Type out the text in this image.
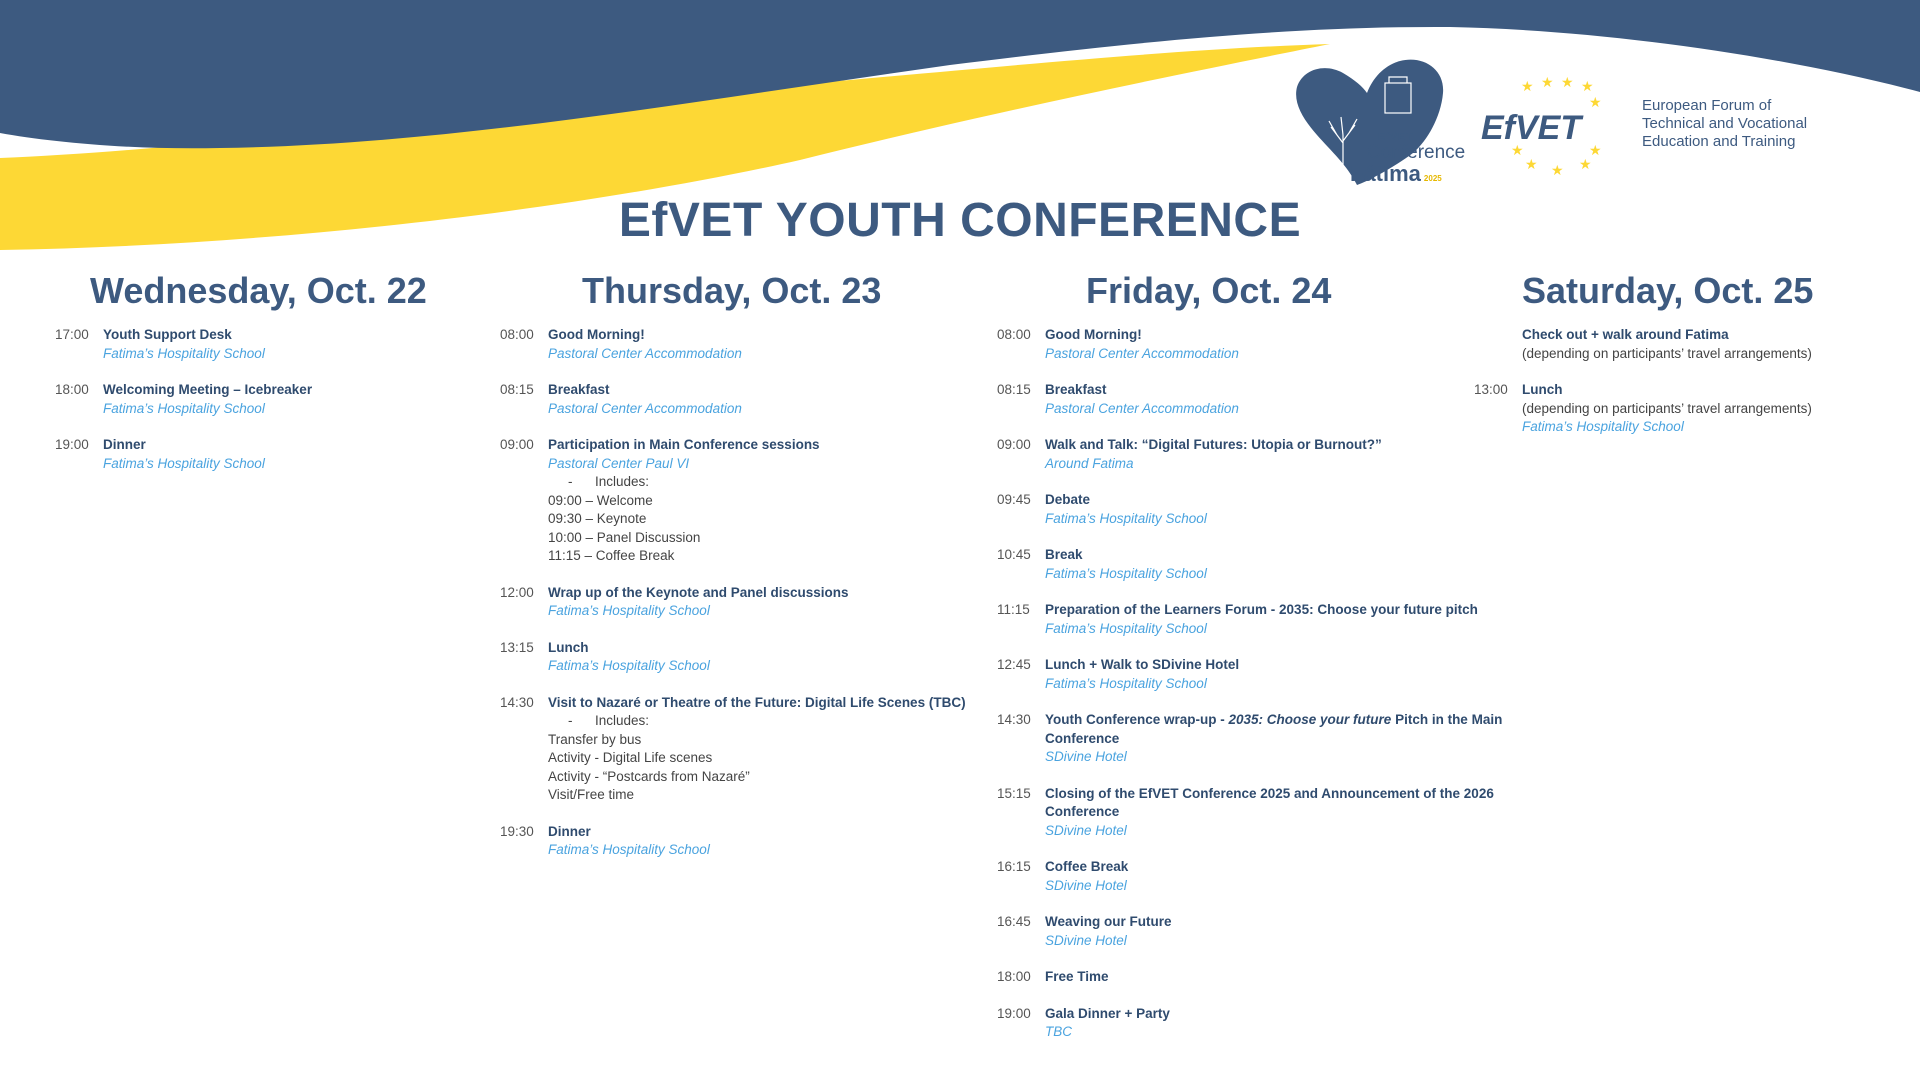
EfVET
Conference
Fátima 2025
★ ★
★	★
★
★
★
★
★
★
EfVET
European Forum of
Technical and Vocational
Education and Training
EfVET YOUTH CONFERENCE
Wednesday, Oct. 22	Thursday, Oct. 23	Friday, Oct. 24	Saturday, Oct. 25
17:00	Youth Support Desk
Fatima’s Hospitality School
18:00	Welcoming Meeting – Icebreaker
Fatima’s Hospitality School
19:00	Dinner
Fatima’s Hospitality School
08:00	Good Morning!
Pastoral Center Accommodation
08:15	Breakfast
Pastoral Center Accommodation
09:00	Participation in Main Conference sessions
Pastoral Center Paul VI
-      Includes:
09:00 – Welcome
09:30 – Keynote
10:00 – Panel Discussion
11:15 – Coffee Break
12:00	Wrap up of the Keynote and Panel discussions
Fatima’s Hospitality School
13:15	Lunch
Fatima’s Hospitality School
14:30	Visit to Nazaré or Theatre of the Future: Digital Life Scenes (TBC)
-      Includes:
Transfer by bus
Activity - Digital Life scenes
Activity - “Postcards from Nazaré”
Visit/Free time
19:30	Dinner
Fatima’s Hospitality School
08:00	Good Morning!
Pastoral Center Accommodation
08:15	Breakfast
Pastoral Center Accommodation
09:00	Walk and Talk: “Digital Futures: Utopia or Burnout?”
Around Fatima
09:45	Debate
Fatima’s Hospitality School
10:45	Break
Fatima’s Hospitality School
11:15	Preparation of the Learners Forum - 2035: Choose your future pitch
Fatima’s Hospitality School
12:45	Lunch + Walk to SDivine Hotel
Fatima’s Hospitality School
14:30	Youth Conference wrap-up - 2035: Choose your future Pitch in the Main Conference
SDivine Hotel
15:15	Closing of the EfVET Conference 2025 and Announcement of the 2026 Conference
SDivine Hotel
16:15	Coffee Break
SDivine Hotel
16:45	Weaving our Future
SDivine Hotel
18:00	Free Time
19:00	Gala Dinner + Party
TBC
Check out + walk around Fatima
(depending on participants’ travel arrangements)
13:00	Lunch
(depending on participants’ travel arrangements)
Fatima’s Hospitality School
